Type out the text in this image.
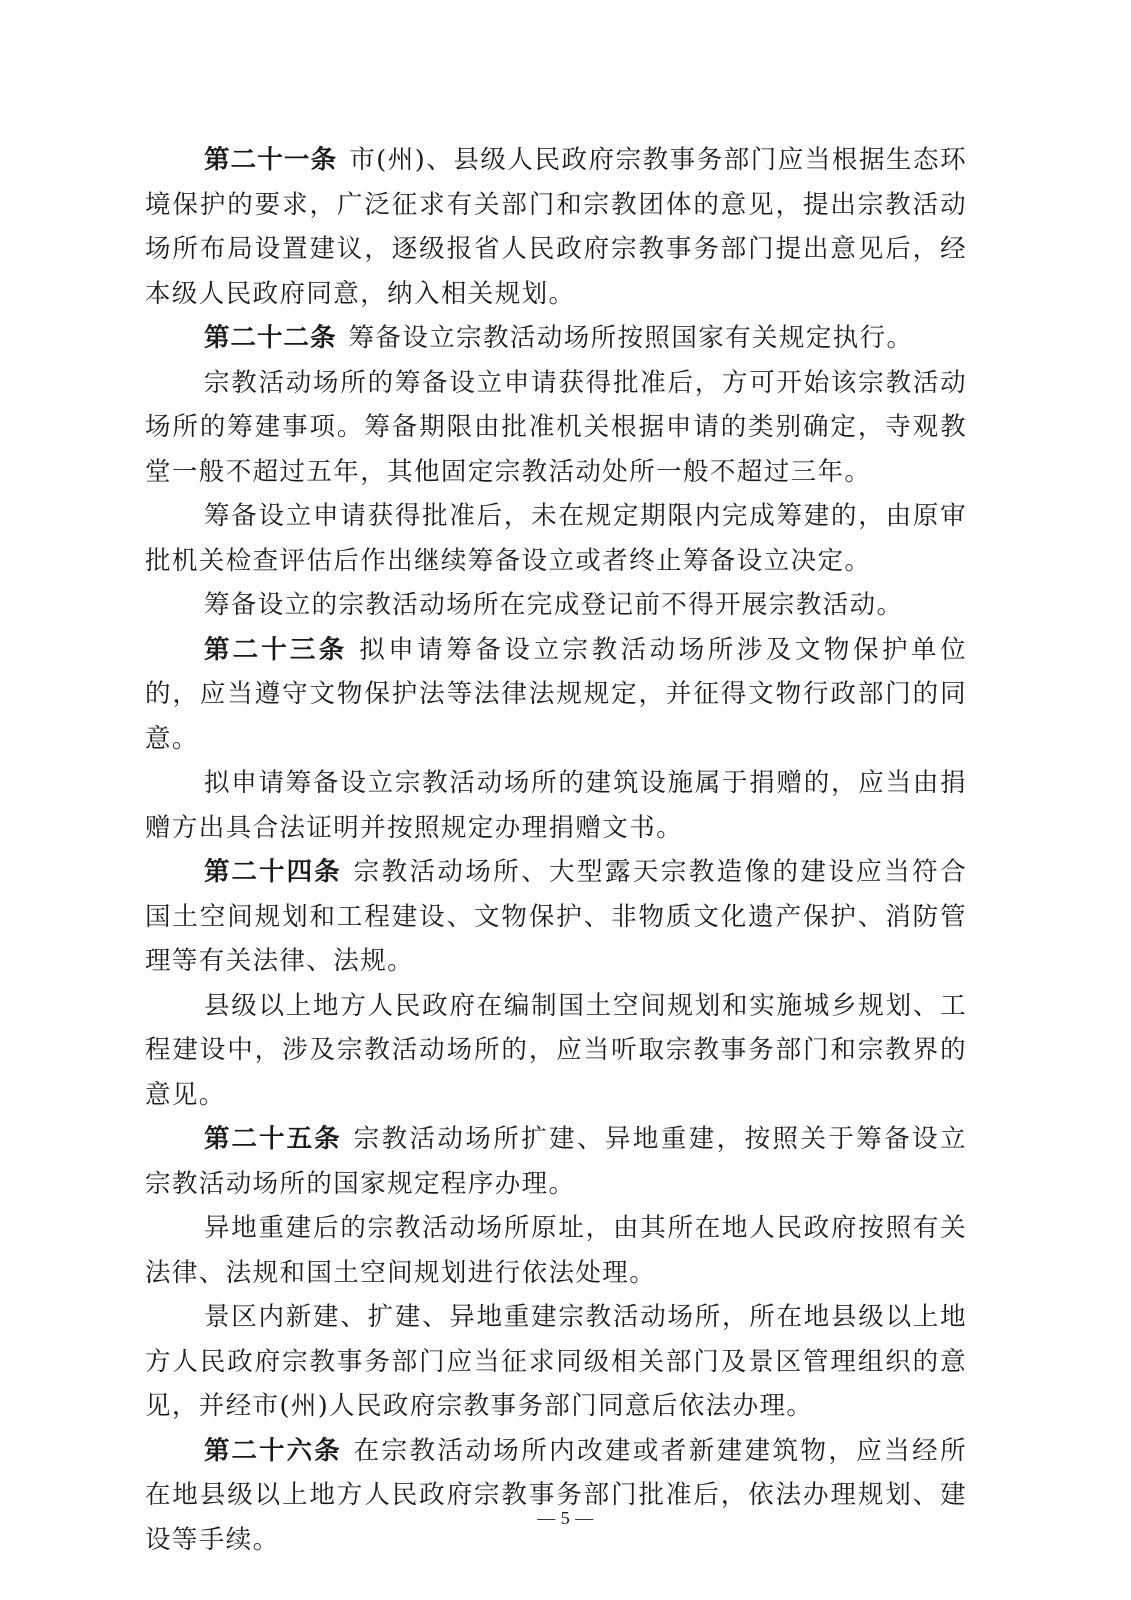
第二十一条 市(州)、县级人民政府宗教事务部门应当根据生态环境保护的要求，广泛征求有关部门和宗教团体的意见，提出宗教活动场所布局设置建议，逐级报省人民政府宗教事务部门提出意见后，经本级人民政府同意，纳入相关规划。

第二十二条 筹备设立宗教活动场所按照国家有关规定执行。

宗教活动场所的筹备设立申请获得批准后，方可开始该宗教活动场所的筹建事项。筹备期限由批准机关根据申请的类别确定，寺观教堂一般不超过五年，其他固定宗教活动处所一般不超过三年。

筹备设立申请获得批准后，未在规定期限内完成筹建的，由原审批机关检查评估后作出继续筹备设立或者终止筹备设立决定。

筹备设立的宗教活动场所在完成登记前不得开展宗教活动。

第二十三条 拟申请筹备设立宗教活动场所涉及文物保护单位的，应当遵守文物保护法等法律法规规定，并征得文物行政部门的同意。

拟申请筹备设立宗教活动场所的建筑设施属于捐赠的，应当由捐赠方出具合法证明并按照规定办理捐赠文书。

第二十四条 宗教活动场所、大型露天宗教造像的建设应当符合国土空间规划和工程建设、文物保护、非物质文化遗产保护、消防管理等有关法律、法规。

县级以上地方人民政府在编制国土空间规划和实施城乡规划、工程建设中，涉及宗教活动场所的，应当听取宗教事务部门和宗教界的意见。

第二十五条 宗教活动场所扩建、异地重建，按照关于筹备设立宗教活动场所的国家规定程序办理。

异地重建后的宗教活动场所原址，由其所在地人民政府按照有关法律、法规和国土空间规划进行依法处理。

景区内新建、扩建、异地重建宗教活动场所，所在地县级以上地方人民政府宗教事务部门应当征求同级相关部门及景区管理组织的意见，并经市(州)人民政府宗教事务部门同意后依法办理。

第二十六条 在宗教活动场所内改建或者新建建筑物，应当经所在地县级以上地方人民政府宗教事务部门批准后，依法办理规划、建设等手续。

— 5 —
